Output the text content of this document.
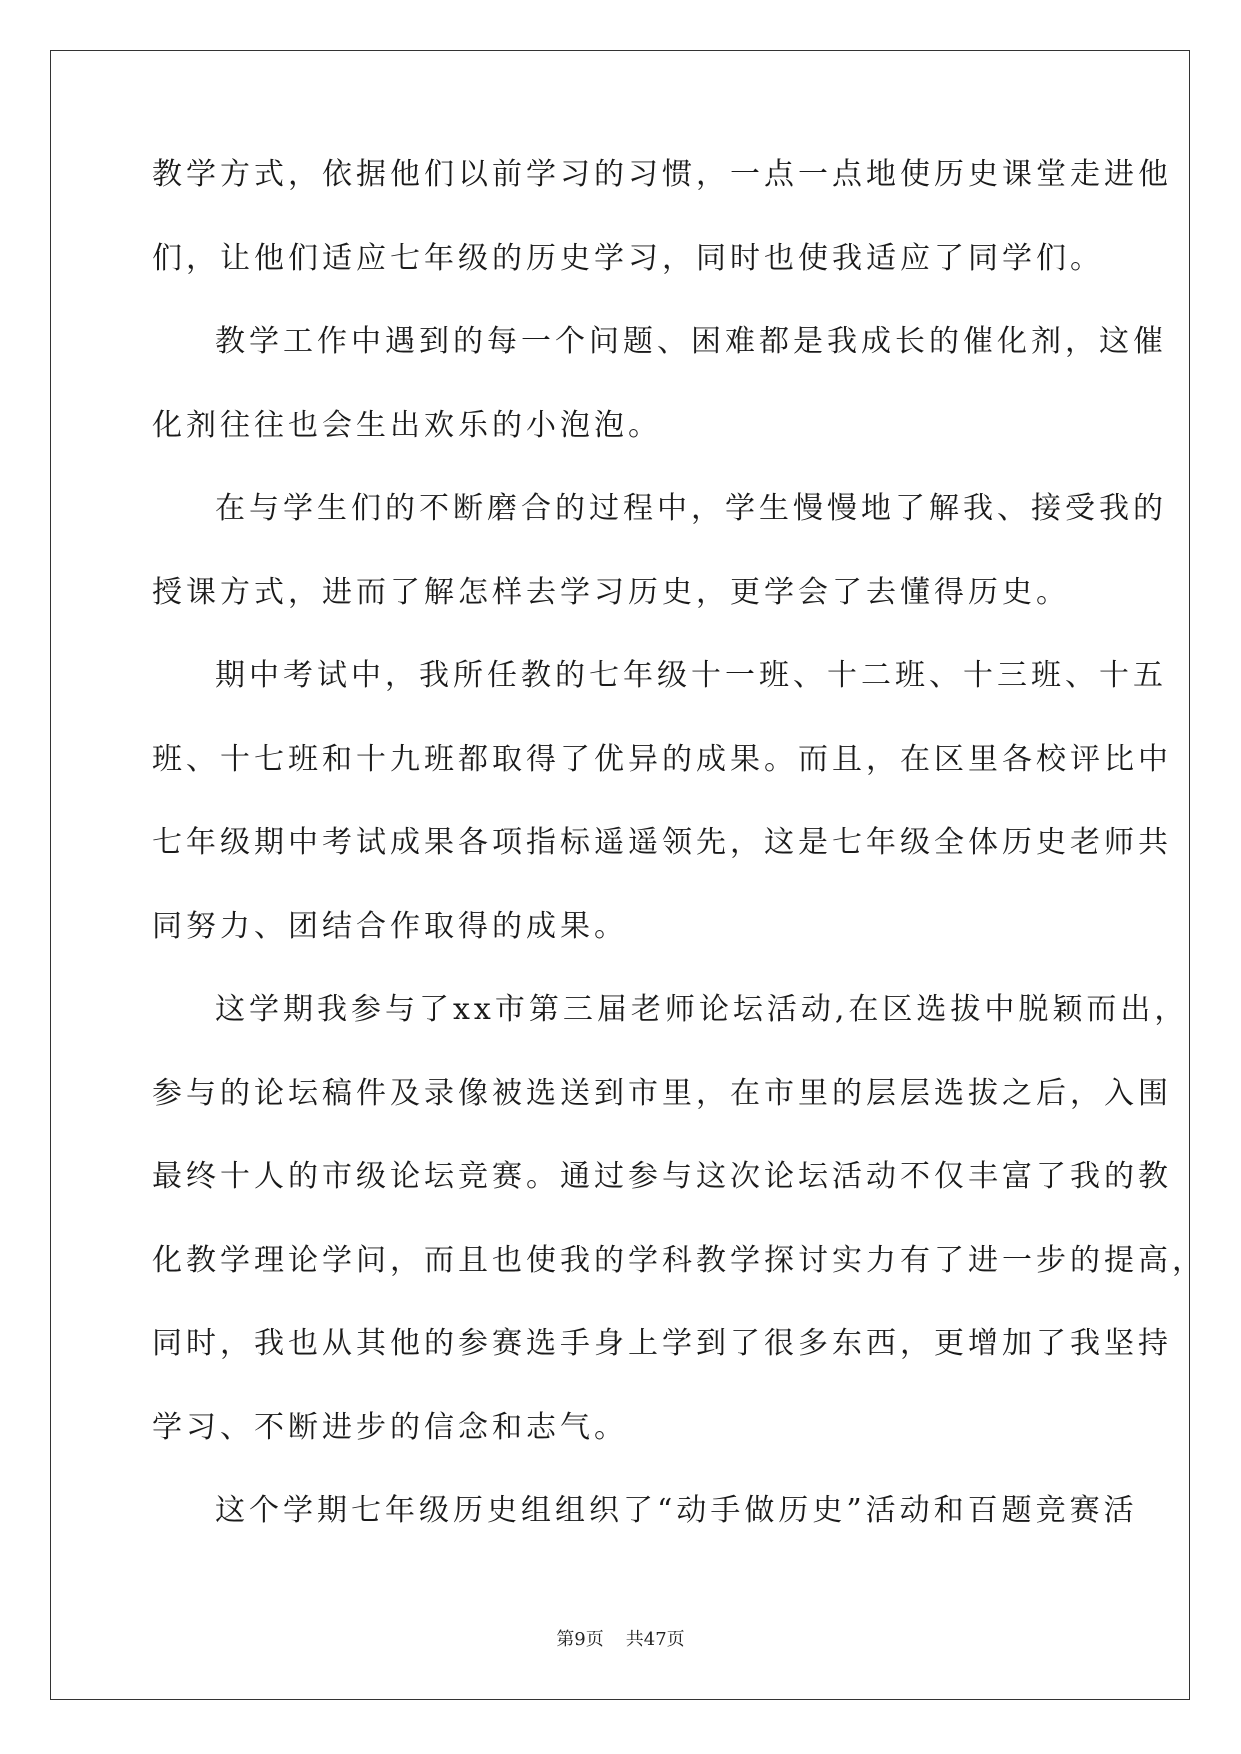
教学方式，依据他们以前学习的习惯，一点一点地使历史课堂走进他
们，让他们适应七年级的历史学习，同时也使我适应了同学们。
教学工作中遇到的每一个问题、困难都是我成长的催化剂，这催
化剂往往也会生出欢乐的小泡泡。
在与学生们的不断磨合的过程中，学生慢慢地了解我、接受我的
授课方式，进而了解怎样去学习历史，更学会了去懂得历史。
期中考试中，我所任教的七年级十一班、十二班、十三班、十五
班、十七班和十九班都取得了优异的成果。而且，在区里各校评比中
七年级期中考试成果各项指标遥遥领先，这是七年级全体历史老师共
同努力、团结合作取得的成果。
这学期我参与了xx市第三届老师论坛活动,在区选拔中脱颖而出，
参与的论坛稿件及录像被选送到市里，在市里的层层选拔之后，入围
最终十人的市级论坛竞赛。通过参与这次论坛活动不仅丰富了我的教
化教学理论学问，而且也使我的学科教学探讨实力有了进一步的提高，
同时，我也从其他的参赛选手身上学到了很多东西，更增加了我坚持
学习、不断进步的信念和志气。
这个学期七年级历史组组织了“动手做历史”活动和百题竞赛活
第9页 共47页
